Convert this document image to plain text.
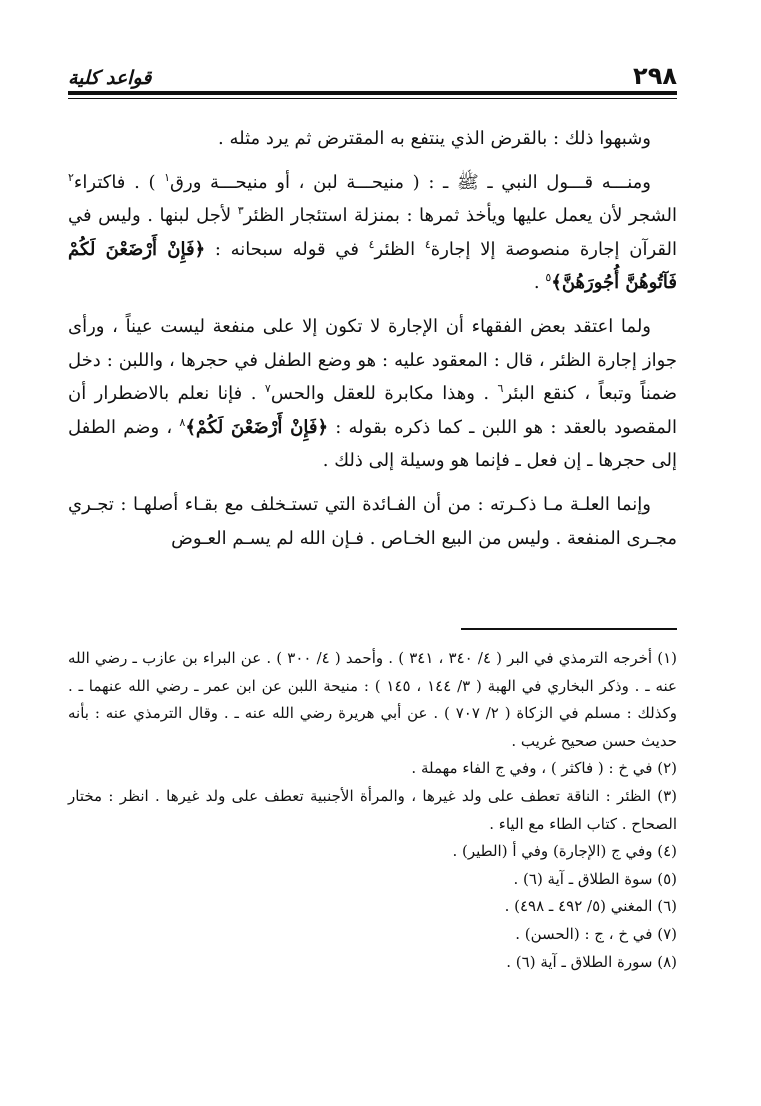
٢٩٨
قواعد كلية

وشبهوا ذلك : بالقرض الذي ينتفع به المقترض ثم يرد مثله .

ومنـــه قـــول النبي ـ ﷺ ـ : ( منيحـــة لبن ، أو منيحـــة ورق$^١$ ) . فاكتراء$^٢$ الشجر لأن يعمل عليها ويأخذ ثمرها : بمنزلة استئجار الظئر$^٣$ لأجل لبنها . وليس في القرآن إجارة منصوصة إلا إجارة$^٤$ الظئر$^٤$ في قوله سبحانه : ﴿فَإِنْ أَرْضَعْنَ لَكُمْ فَآتُوهُنَّ أُجُورَهُنَّ﴾$^٥$ .

ولما اعتقد بعض الفقهاء أن الإجارة لا تكون إلا على منفعة ليست عيناً ، ورأى جواز إجارة الظئر ، قال : المعقود عليه : هو وضع الطفل في حجرها ، واللبن : دخل ضمناً وتبعاً ، كنقع البئر$^٦$ . وهذا مكابرة للعقل والحس$^٧$ . فإنا نعلم بالاضطرار أن المقصود بالعقد : هو اللبن ـ كما ذكره بقوله : ﴿فَإِنْ أَرْضَعْنَ لَكُمْ﴾$^٨$ ، وضم الطفل إلى حجرها ـ إن فعل ـ فإنما هو وسيلة إلى ذلك .

وإنما العلـة مـا ذكـرته : من أن الفـائدة التي تستـخلف مع بقـاء أصلهـا : تجـري مجـرى المنفعة . وليس من البيع الخـاص . فـإن الله لم يسـم العـوض

(١) أخرجه الترمذي في البر ( ٤/ ٣٤٠ ، ٣٤١ ) . وأحمد ( ٤/ ٣٠٠ ) . عن البراء بن عازب ـ رضي الله عنه ـ . وذكر البخاري في الهبة ( ٣/ ١٤٤ ، ١٤٥ ) : منيحة اللبن عن ابن عمر ـ رضي الله عنهما ـ . وكذلك : مسلم في الزكاة ( ٢/ ٧٠٧ ) . عن أبي هريرة رضي الله عنه ـ . وقال الترمذي عنه : بأنه حديث حسن صحيح غريب .

(٢) في خ : ( فاكثر ) ، وفي ج الفاء مهملة .

(٣) الظئر : الناقة تعطف على ولد غيرها ، والمرأة الأجنبية تعطف على ولد غيرها . انظر : مختار الصحاح . كتاب الطاء مع الياء .

(٤) وفي ج (الإجارة) وفي أ (الطير) .

(٥) سوة الطلاق ـ آية (٦) .

(٦) المغني (٥/ ٤٩٢ ـ ٤٩٨) .

(٧) في خ ، ج : (الحسن) .

(٨) سورة الطلاق ـ آية (٦) .
